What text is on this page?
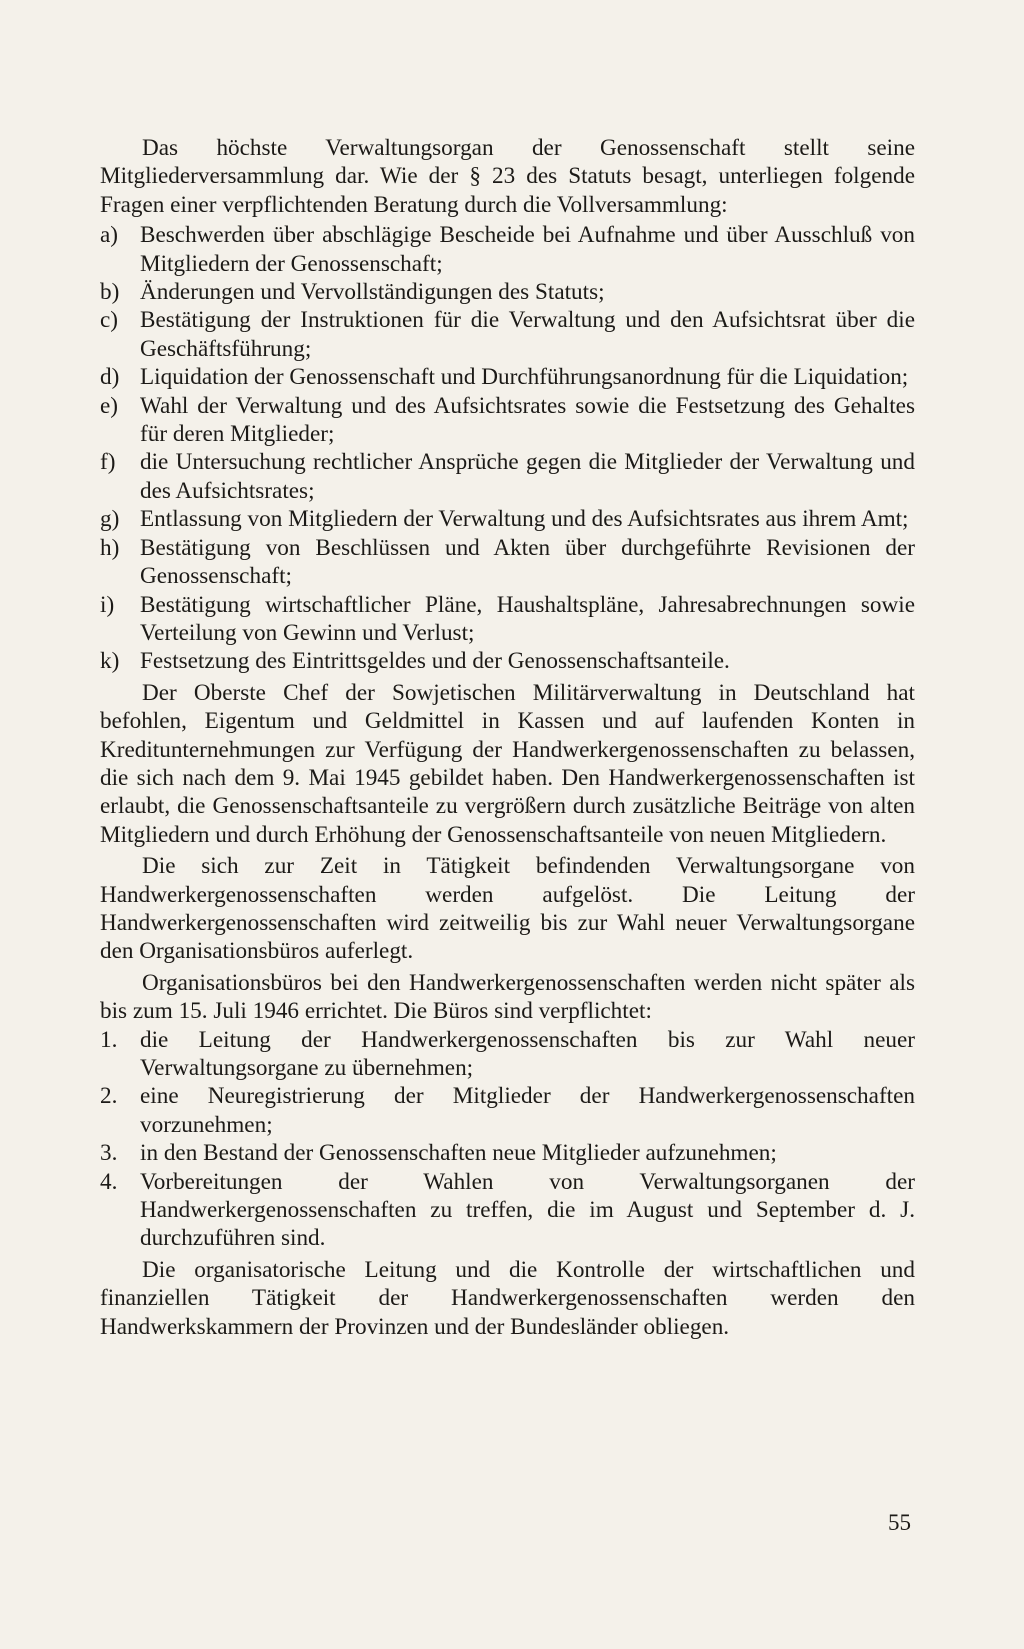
Das höchste Verwaltungsorgan der Genossenschaft stellt seine Mitgliederversammlung dar. Wie der § 23 des Statuts besagt, unterliegen folgende Fragen einer verpflichtenden Beratung durch die Vollversammlung:

a) Beschwerden über abschlägige Bescheide bei Aufnahme und über Ausschluß von Mitgliedern der Genossenschaft;
b) Änderungen und Vervollständigungen des Statuts;
c) Bestätigung der Instruktionen für die Verwaltung und den Aufsichtsrat über die Geschäftsführung;
d) Liquidation der Genossenschaft und Durchführungsanordnung für die Liquidation;
e) Wahl der Verwaltung und des Aufsichtsrates sowie die Festsetzung des Gehaltes für deren Mitglieder;
f) die Untersuchung rechtlicher Ansprüche gegen die Mitglieder der Verwaltung und des Aufsichtsrates;
g) Entlassung von Mitgliedern der Verwaltung und des Aufsichtsrates aus ihrem Amt;
h) Bestätigung von Beschlüssen und Akten über durchgeführte Revisionen der Genossenschaft;
i) Bestätigung wirtschaftlicher Pläne, Haushaltspläne, Jahresabrechnungen sowie Verteilung von Gewinn und Verlust;
k) Festsetzung des Eintrittsgeldes und der Genossenschaftsanteile.

Der Oberste Chef der Sowjetischen Militärverwaltung in Deutschland hat befohlen, Eigentum und Geldmittel in Kassen und auf laufenden Konten in Kreditunternehmungen zur Verfügung der Handwerkergenossenschaften zu belassen, die sich nach dem 9. Mai 1945 gebildet haben. Den Handwerkergenossenschaften ist erlaubt, die Genossenschaftsanteile zu vergrößern durch zusätzliche Beiträge von alten Mitgliedern und durch Erhöhung der Genossenschaftsanteile von neuen Mitgliedern.

Die sich zur Zeit in Tätigkeit befindenden Verwaltungsorgane von Handwerkergenossenschaften werden aufgelöst. Die Leitung der Handwerkergenossenschaften wird zeitweilig bis zur Wahl neuer Verwaltungsorgane den Organisationsbüros auferlegt.

Organisationsbüros bei den Handwerkergenossenschaften werden nicht später als bis zum 15. Juli 1946 errichtet. Die Büros sind verpflichtet:

1. die Leitung der Handwerkergenossenschaften bis zur Wahl neuer Verwaltungsorgane zu übernehmen;
2. eine Neuregistrierung der Mitglieder der Handwerkergenossenschaften vorzunehmen;
3. in den Bestand der Genossenschaften neue Mitglieder aufzunehmen;
4. Vorbereitungen der Wahlen von Verwaltungsorganen der Handwerkergenossenschaften zu treffen, die im August und September d. J. durchzuführen sind.

Die organisatorische Leitung und die Kontrolle der wirtschaftlichen und finanziellen Tätigkeit der Handwerkergenossenschaften werden den Handwerkskammern der Provinzen und der Bundesländer obliegen.

55
